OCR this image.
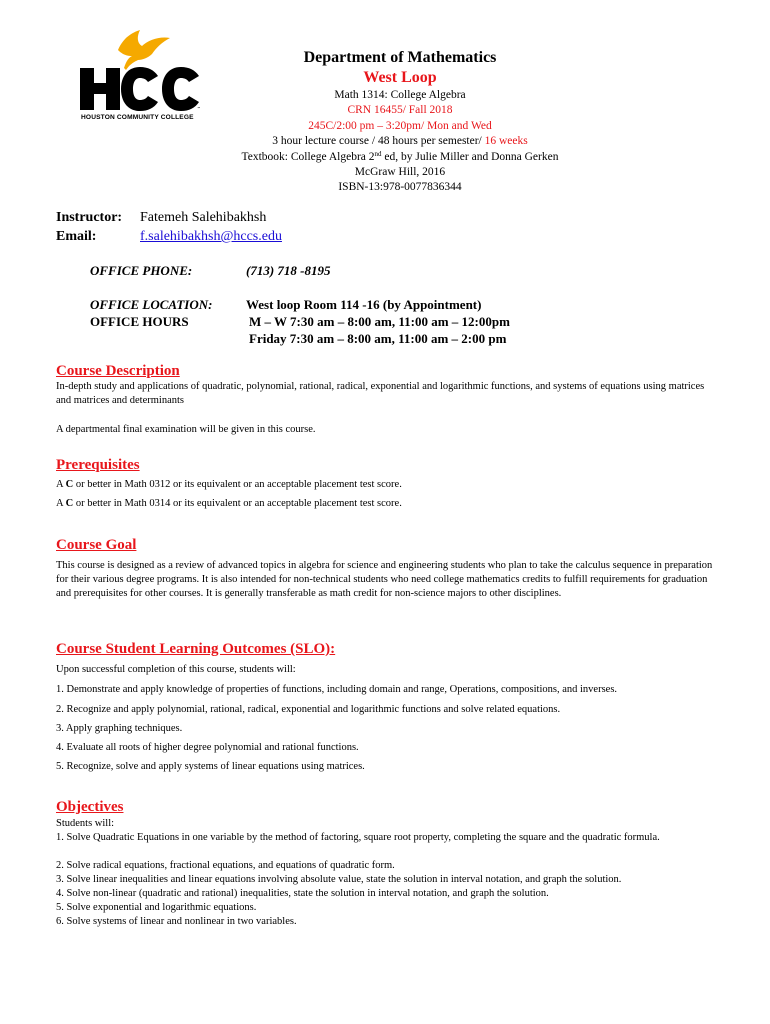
™
HOUSTON COMMUNITY COLLEGE
Department of Mathematics
West Loop
Math 1314: College Algebra
CRN 16455/ Fall 2018
245C/2:00 pm – 3:20pm/ Mon and Wed
3 hour lecture course / 48 hours per semester/ 16 weeks
Textbook: College Algebra 2nd ed, by Julie Miller and Donna Gerken
McGraw Hill, 2016
ISBN-13:978-0077836344
Instructor: Fatemeh Salehibakhsh
Email:	f.salehibakhsh@hccs.edu
OFFICE PHONE:	(713) 718 -8195
OFFICE LOCATION:	West loop Room 114 -16 (by Appointment)
OFFICE HOURS	M – W 7:30 am – 8:00 am, 11:00 am – 12:00pm
Friday 7:30 am – 8:00 am, 11:00 am – 2:00 pm
Course Description
In-depth study and applications of quadratic, polynomial, rational, radical, exponential and logarithmic functions, and systems of equations using matrices and matrices and determinants
A departmental final examination will be given in this course.
Prerequisites
A C or better in Math 0312 or its equivalent or an acceptable placement test score.
A C or better in Math 0314 or its equivalent or an acceptable placement test score.
Course Goal
This course is designed as a review of advanced topics in algebra for science and engineering students who plan to take the calculus sequence in preparation for their various degree programs. It is also intended for non-technical students who need college mathematics credits to fulfill requirements for graduation and prerequisites for other courses. It is generally transferable as math credit for non-science majors to other disciplines.
Course Student Learning Outcomes (SLO):
Upon successful completion of this course, students will:
1. Demonstrate and apply knowledge of properties of functions, including domain and range, Operations, compositions, and inverses.
2. Recognize and apply polynomial, rational, radical, exponential and logarithmic functions and solve related equations.
3. Apply graphing techniques.
4. Evaluate all roots of higher degree polynomial and rational functions.
5. Recognize, solve and apply systems of linear equations using matrices.
Objectives
Students will:
1. Solve Quadratic Equations in one variable by the method of factoring, square root property, completing the square and the quadratic formula.
2. Solve radical equations, fractional equations, and equations of quadratic form.
3. Solve linear inequalities and linear equations involving absolute value, state the solution in interval notation, and graph the solution.
4. Solve non-linear (quadratic and rational) inequalities, state the solution in interval notation, and graph the solution.
5. Solve exponential and logarithmic equations.
6. Solve systems of linear and nonlinear in two variables.
